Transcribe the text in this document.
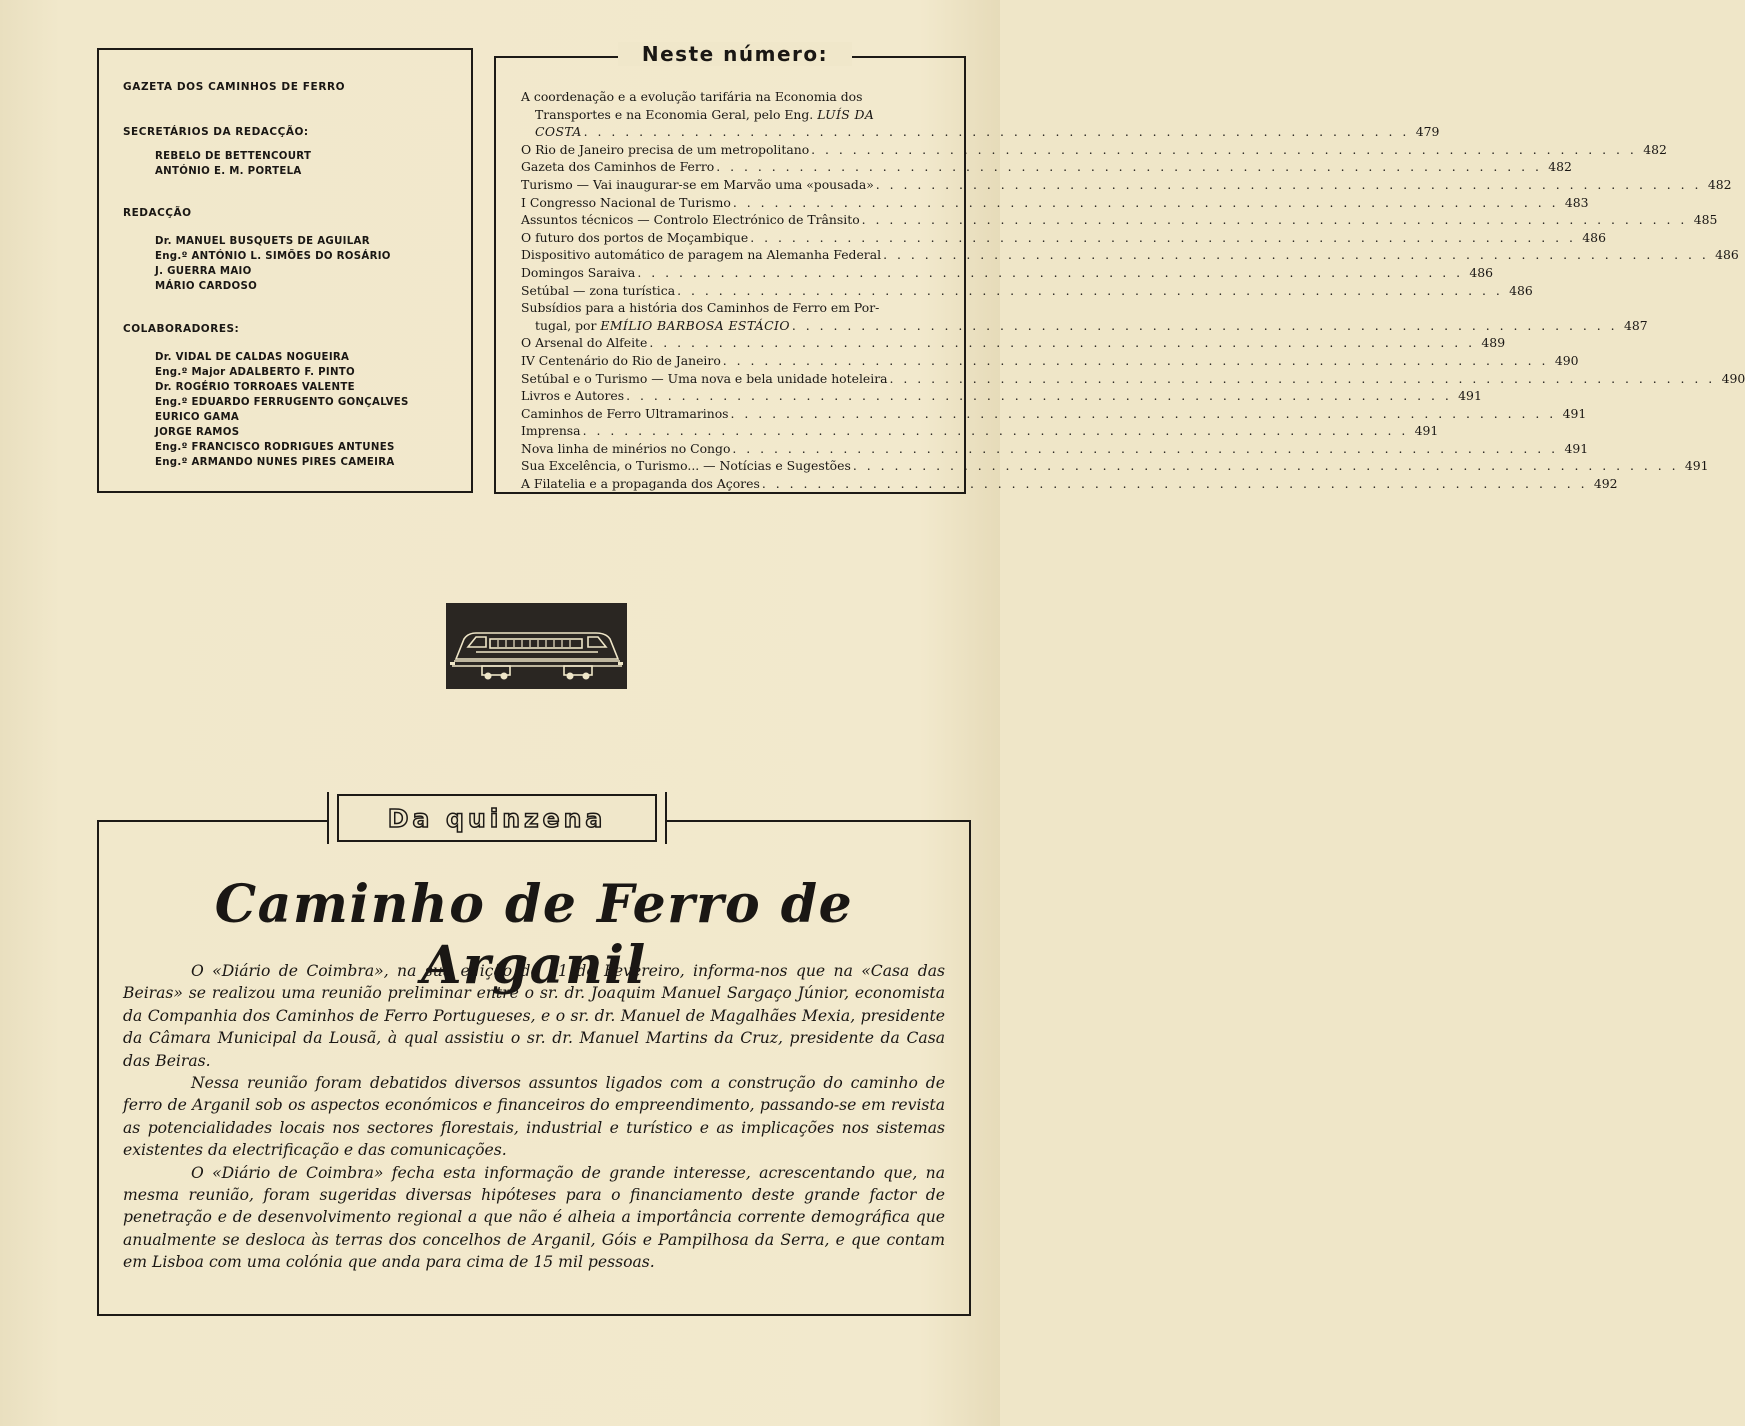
GAZETA DOS CAMINHOS DE FERRO
SECRETÁRIOS DA REDACÇÃO:
REBELO DE BETTENCOURT
ANTÓNIO E. M. PORTELA
REDACÇÃO
Dr. MANUEL BUSQUETS DE AGUILAR
Eng.º ANTÓNIO L. SIMÕES DO ROSÁRIO
J. GUERRA MAIO
MÁRIO CARDOSO
COLABORADORES:
Dr. VIDAL DE CALDAS NOGUEIRA
Eng.º Major ADALBERTO F. PINTO
Dr. ROGÉRIO TORROAES VALENTE
Eng.º EDUARDO FERRUGENTO GONÇALVES
EURICO GAMA
JORGE RAMOS
Eng.º FRANCISCO RODRIGUES ANTUNES
Eng.º ARMANDO NUNES PIRES CAMEIRA
A coordenação e a evolução tarifária na Economia dos
Transportes e na Economia Geral, pelo Eng. LUÍS DA
COSTA . . . . . . . . . . . . . . . . . . . . . . . . . . . . . . . . . . . . . . . . . . . . . . . . . . . . . . . . . . . . 479
O Rio de Janeiro precisa de um metropolitano . . . . . . . . . . . . . . . . . . . . . . . . . . . . . . . . . . . . . . . . . . . . . . . . . . . . . . . . . . . . 482
Gazeta dos Caminhos de Ferro . . . . . . . . . . . . . . . . . . . . . . . . . . . . . . . . . . . . . . . . . . . . . . . . . . . . . . . . . . . . 482
Turismo — Vai inaugurar-se em Marvão uma «pousada» . . . . . . . . . . . . . . . . . . . . . . . . . . . . . . . . . . . . . . . . . . . . . . . . . . . . . . . . . . . . 482
I Congresso Nacional de Turismo . . . . . . . . . . . . . . . . . . . . . . . . . . . . . . . . . . . . . . . . . . . . . . . . . . . . . . . . . . . . 483
Assuntos técnicos — Controlo Electrónico de Trânsito . . . . . . . . . . . . . . . . . . . . . . . . . . . . . . . . . . . . . . . . . . . . . . . . . . . . . . . . . . . . 485
O futuro dos portos de Moçambique . . . . . . . . . . . . . . . . . . . . . . . . . . . . . . . . . . . . . . . . . . . . . . . . . . . . . . . . . . . . 486
Dispositivo automático de paragem na Alemanha Federal . . . . . . . . . . . . . . . . . . . . . . . . . . . . . . . . . . . . . . . . . . . . . . . . . . . . . . . . . . . . 486
Domingos Saraiva . . . . . . . . . . . . . . . . . . . . . . . . . . . . . . . . . . . . . . . . . . . . . . . . . . . . . . . . . . . . 486
Setúbal — zona turística . . . . . . . . . . . . . . . . . . . . . . . . . . . . . . . . . . . . . . . . . . . . . . . . . . . . . . . . . . . . 486
Subsídios para a história dos Caminhos de Ferro em Por-
tugal, por
EMÍLIO BARBOSA ESTÁCIO . . . . . . . . . . . . . . . . . . . . . . . . . . . . . . . . . . . . . . . . . . . . . . . . . . . . . . . . . . . . 487
O Arsenal do Alfeite . . . . . . . . . . . . . . . . . . . . . . . . . . . . . . . . . . . . . . . . . . . . . . . . . . . . . . . . . . . . 489
IV Centenário do Rio de Janeiro . . . . . . . . . . . . . . . . . . . . . . . . . . . . . . . . . . . . . . . . . . . . . . . . . . . . . . . . . . . . 490
Setúbal e o Turismo — Uma nova e bela unidade hoteleira . . . . . . . . . . . . . . . . . . . . . . . . . . . . . . . . . . . . . . . . . . . . . . . . . . . . . . . . . . . . 490
Livros e Autores . . . . . . . . . . . . . . . . . . . . . . . . . . . . . . . . . . . . . . . . . . . . . . . . . . . . . . . . . . . . 491
Caminhos de Ferro Ultramarinos . . . . . . . . . . . . . . . . . . . . . . . . . . . . . . . . . . . . . . . . . . . . . . . . . . . . . . . . . . . . 491
Imprensa . . . . . . . . . . . . . . . . . . . . . . . . . . . . . . . . . . . . . . . . . . . . . . . . . . . . . . . . . . . . 491
Nova linha de minérios no Congo . . . . . . . . . . . . . . . . . . . . . . . . . . . . . . . . . . . . . . . . . . . . . . . . . . . . . . . . . . . . 491
Sua Excelência, o Turismo... — Notícias e Sugestões . . . . . . . . . . . . . . . . . . . . . . . . . . . . . . . . . . . . . . . . . . . . . . . . . . . . . . . . . . . . 491
A Filatelia e a propaganda dos Açores . . . . . . . . . . . . . . . . . . . . . . . . . . . . . . . . . . . . . . . . . . . . . . . . . . . . . . . . . . . . 492
Neste número:
Caminho de Ferro de Arganil

O «Diário de Coimbra», na sua edição de 11 de Fevereiro, informa-nos que na «Casa das Beiras» se realizou uma reunião preliminar entre o sr. dr. Joaquim Manuel Sargaço Júnior, economista da Companhia dos Caminhos de Ferro Portugueses, e o sr. dr. Manuel de Magalhães Mexia, presidente da Câmara Municipal da Lousã, à qual assistiu o sr. dr. Manuel Martins da Cruz, presidente da Casa das Beiras.

Nessa reunião foram debatidos diversos assuntos ligados com a construção do caminho de ferro de Arganil sob os aspectos económicos e financeiros do empreendimento, passando-se em revista as potencialidades locais nos sectores florestais, industrial e turístico e as implicações nos sistemas existentes da electrificação e das comunicações.

O «Diário de Coimbra» fecha esta informação de grande interesse, acrescentando que, na mesma reunião, foram sugeridas diversas hipóteses para o financiamento deste grande factor de penetração e de desenvolvimento regional a que não é alheia a importância corrente demográfica que anualmente se desloca às terras dos concelhos de Arganil, Góis e Pampilhosa da Serra, e que contam em Lisboa com uma colónia que anda para cima de 15 mil pessoas.

Da quinzena
